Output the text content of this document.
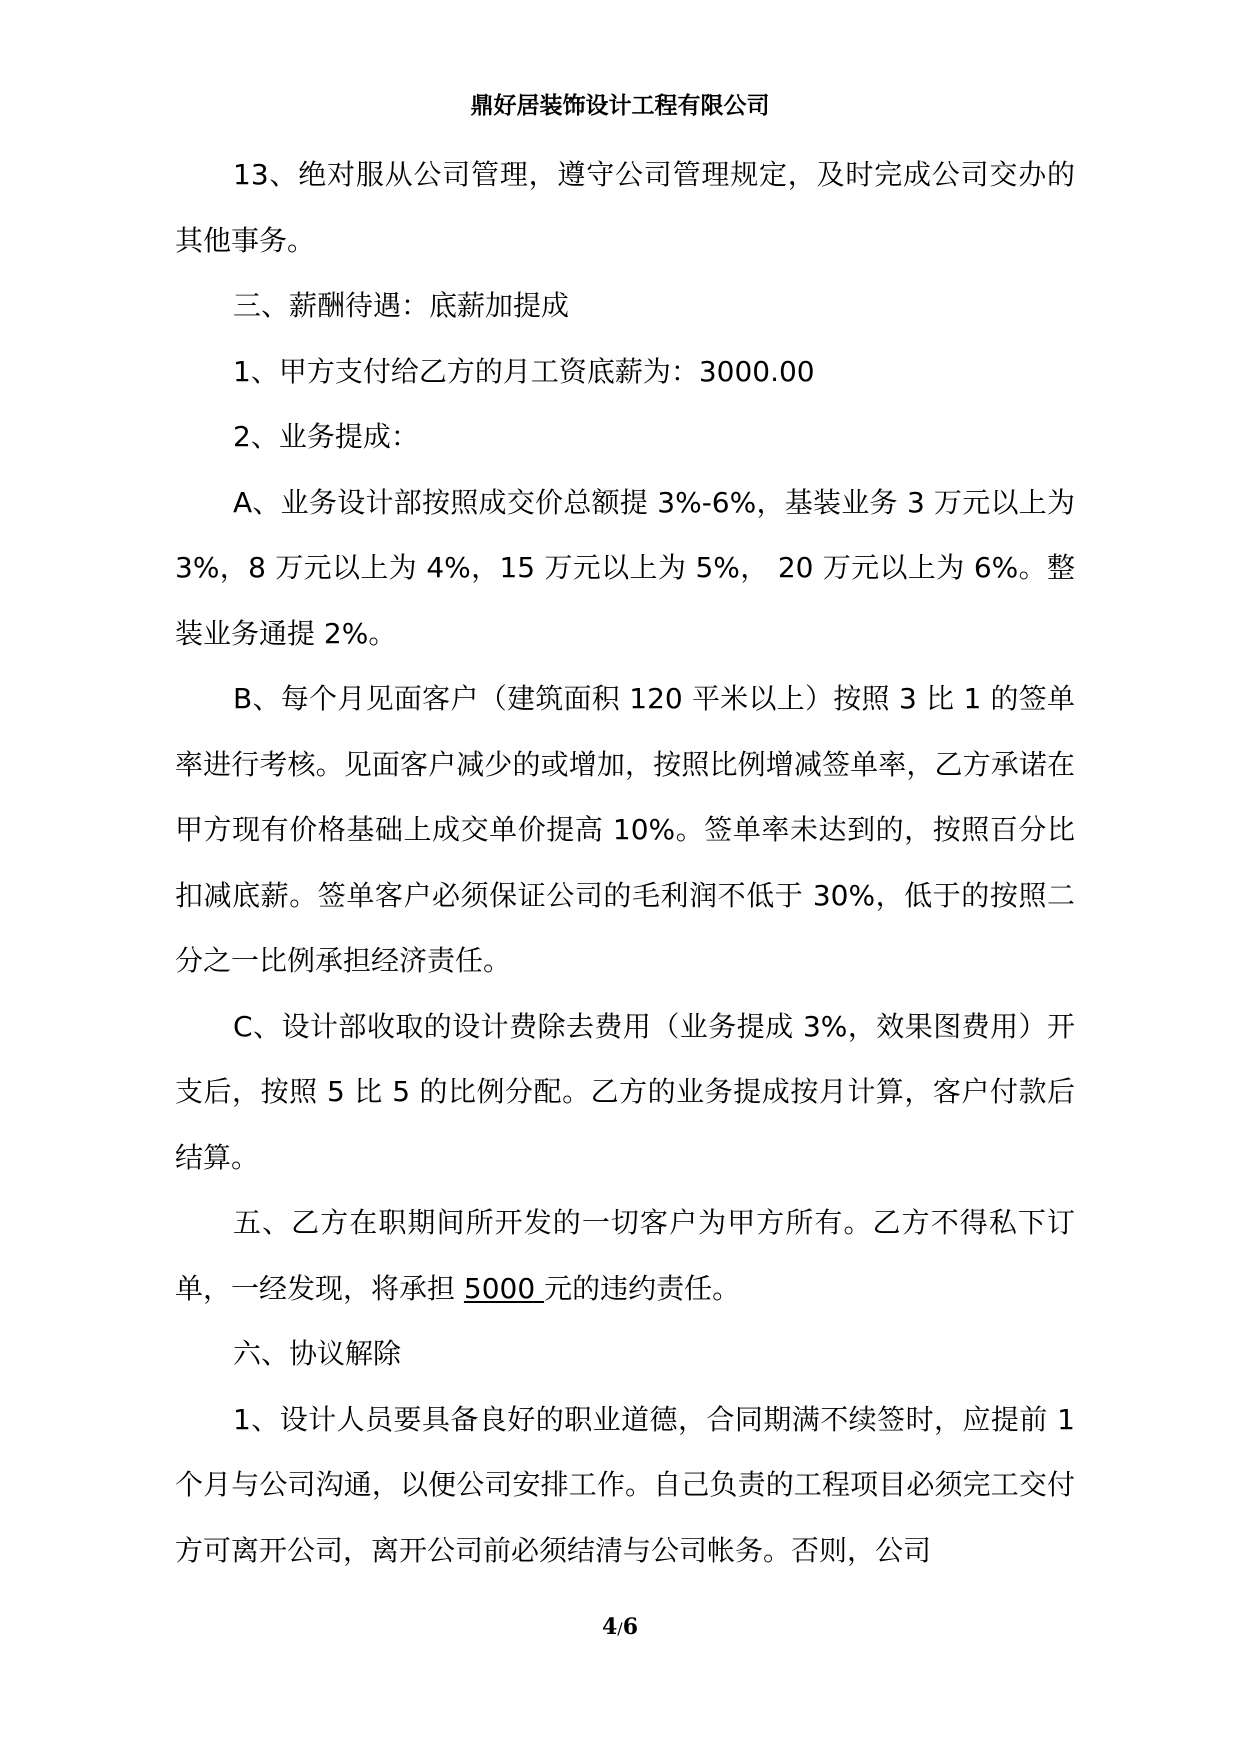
鼎好居装饰设计工程有限公司

13、绝对服从公司管理，遵守公司管理规定，及时完成公司交办的其他事务。

三、薪酬待遇：底薪加提成

1、甲方支付给乙方的月工资底薪为：3000.00

2、业务提成：

A、业务设计部按照成交价总额提 3%-6%，基装业务 3 万元以上为 3%，8 万元以上为 4%，15 万元以上为 5%， 20 万元以上为 6%。整装业务通提 2%。

B、每个月见面客户（建筑面积 120 平米以上）按照 3 比 1 的签单率进行考核。见面客户减少的或增加，按照比例增减签单率，乙方承诺在甲方现有价格基础上成交单价提高 10%。签单率未达到的，按照百分比扣减底薪。签单客户必须保证公司的毛利润不低于 30%，低于的按照二分之一比例承担经济责任。

C、设计部收取的设计费除去费用（业务提成 3%，效果图费用）开支后，按照 5 比 5 的比例分配。乙方的业务提成按月计算，客户付款后结算。

五、乙方在职期间所开发的一切客户为甲方所有。乙方不得私下订单，一经发现，将承担 5000 元的违约责任。

六、协议解除

1、设计人员要具备良好的职业道德，合同期满不续签时，应提前 1 个月与公司沟通，以便公司安排工作。自己负责的工程项目必须完工交付方可离开公司，离开公司前必须结清与公司帐务。否则，公司

4/6
